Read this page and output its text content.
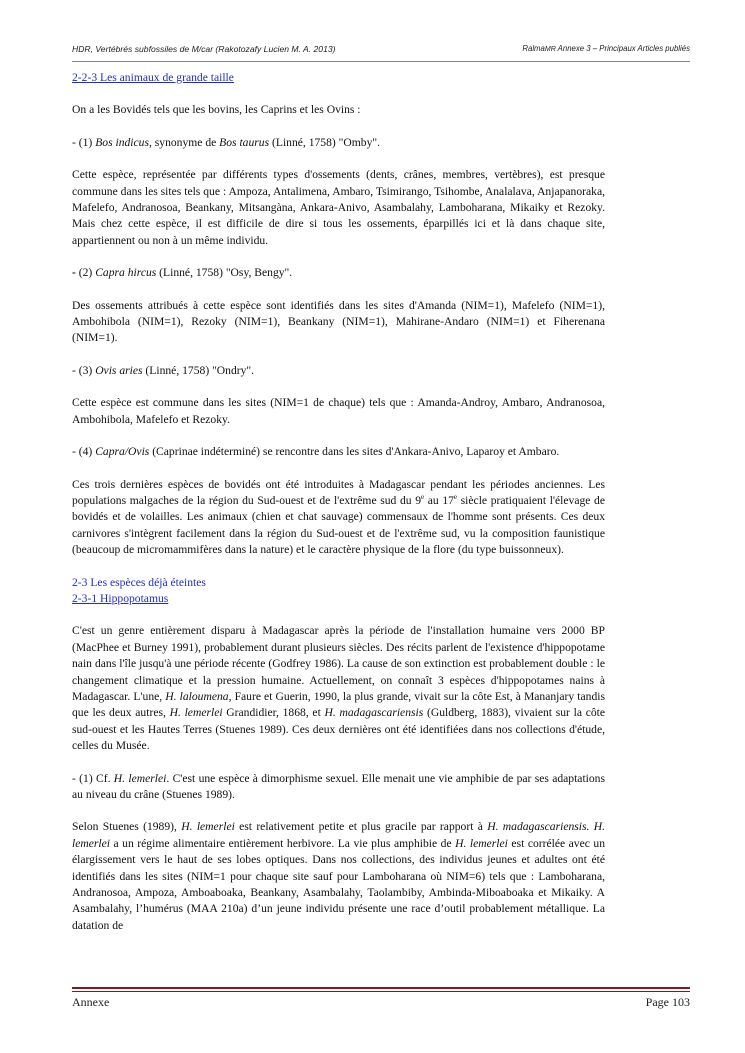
HDR, Vertébrés subfossiles de M/car (Rakotozafy Lucien M. A. 2013)	RalmaMR Annexe 3 – Principaux Articles publiés

2-2-3 Les animaux de grande taille

On a les Bovidés tels que les bovins, les Caprins et les Ovins :

- (1) Bos indicus, synonyme de Bos taurus (Linné, 1758) "Omby".

Cette espèce, représentée par différents types d'ossements (dents, crânes, membres, vertèbres), est presque commune dans les sites tels que : Ampoza, Antalimena, Ambaro, Tsimirango, Tsihombe, Analalava, Anjapanoraka, Mafelefo, Andranosoa, Beankany, Mitsangàna, Ankara-Anivo, Asambalahy, Lamboharana, Mikaiky et Rezoky. Mais chez cette espèce, il est difficile de dire si tous les ossements, éparpillés ici et là dans chaque site, appartiennent ou non à un même individu.

- (2) Capra hircus (Linné, 1758) "Osy, Bengy".

Des ossements attribués à cette espèce sont identifiés dans les sites d'Amanda (NIM=1), Mafelefo (NIM=1), Ambohibola (NIM=1), Rezoky (NIM=1), Beankany (NIM=1), Mahirane-Andaro (NIM=1) et Fiherenana (NIM=1).

- (3) Ovis aries (Linné, 1758) "Ondry".

Cette espèce est commune dans les sites (NIM=1 de chaque) tels que : Amanda-Androy, Ambaro, Andranosoa, Ambohibola, Mafelefo et Rezoky.

- (4) Capra/Ovis (Caprinae indéterminé) se rencontre dans les sites d'Ankara-Anivo, Laparoy et Ambaro.

Ces trois dernières espèces de bovidés ont été introduites à Madagascar pendant les périodes anciennes. Les populations malgaches de la région du Sud-ouest et de l'extrême sud du 9e au 17e siècle pratiquaient l'élevage de bovidés et de volailles. Les animaux (chien et chat sauvage) commensaux de l'homme sont présents. Ces deux carnivores s'intègrent facilement dans la région du Sud-ouest et de l'extrême sud, vu la composition faunistique (beaucoup de micromammifères dans la nature) et le caractère physique de la flore (du type buissonneux).

2-3 Les espèces déjà éteintes

2-3-1 Hippopotamus

C'est un genre entièrement disparu à Madagascar après la période de l'installation humaine vers 2000 BP (MacPhee et Burney 1991), probablement durant plusieurs siècles. Des récits parlent de l'existence d'hippopotame nain dans l'île jusqu'à une période récente (Godfrey 1986). La cause de son extinction est probablement double : le changement climatique et la pression humaine. Actuellement, on connaît 3 espèces d'hippopotames nains à Madagascar. L'une, H. laloumena, Faure et Guerin, 1990, la plus grande, vivait sur la côte Est, à Mananjary tandis que les deux autres, H. lemerlei Grandidier, 1868, et H. madagascariensis (Guldberg, 1883), vivaient sur la côte sud-ouest et les Hautes Terres (Stuenes 1989). Ces deux dernières ont été identifiées dans nos collections d'étude, celles du Musée.

- (1) Cf. H. lemerlei. C'est une espèce à dimorphisme sexuel. Elle menait une vie amphibie de par ses adaptations au niveau du crâne (Stuenes 1989).

Selon Stuenes (1989), H. lemerlei est relativement petite et plus gracile par rapport à H. madagascariensis. H. lemerlei a un régime alimentaire entièrement herbivore. La vie plus amphibie de H. lemerlei est corrélée avec un élargissement vers le haut de ses lobes optiques. Dans nos collections, des individus jeunes et adultes ont été identifiés dans les sites (NIM=1 pour chaque site sauf pour Lamboharana où NIM=6) tels que : Lamboharana, Andranosoa, Ampoza, Amboaboaka, Beankany, Asambalahy, Taolambiby, Ambinda-Miboaboaka et Mikaiky. A Asambalahy, l’humérus (MAA 210a) d’un jeune individu présente une race d’outil probablement métallique. La datation de

Annexe	Page 103
